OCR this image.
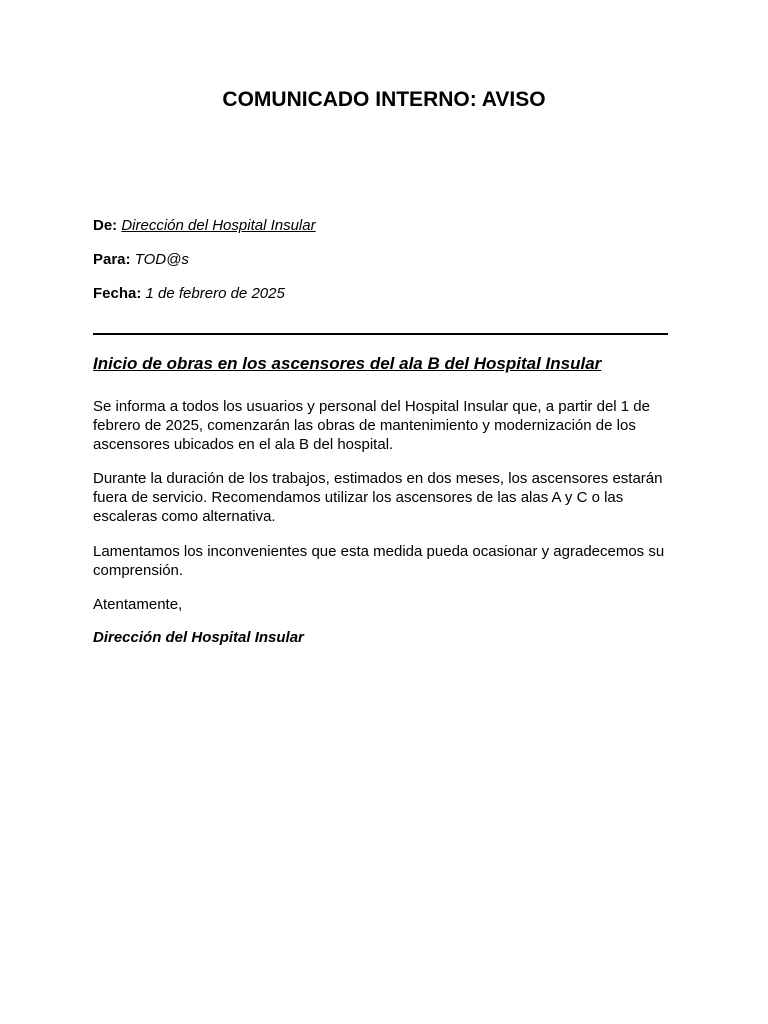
COMUNICADO INTERNO: AVISO

De: Dirección del Hospital Insular

Para: TOD@s

Fecha: 1 de febrero de 2025

Inicio de obras en los ascensores del ala B del Hospital Insular

Se informa a todos los usuarios y personal del Hospital Insular que, a partir del 1 de febrero de 2025, comenzarán las obras de mantenimiento y modernización de los ascensores ubicados en el ala B del hospital.

Durante la duración de los trabajos, estimados en dos meses, los ascensores estarán fuera de servicio. Recomendamos utilizar los ascensores de las alas A y C o las escaleras como alternativa.

Lamentamos los inconvenientes que esta medida pueda ocasionar y agradecemos su comprensión.

Atentamente,

Dirección del Hospital Insular
